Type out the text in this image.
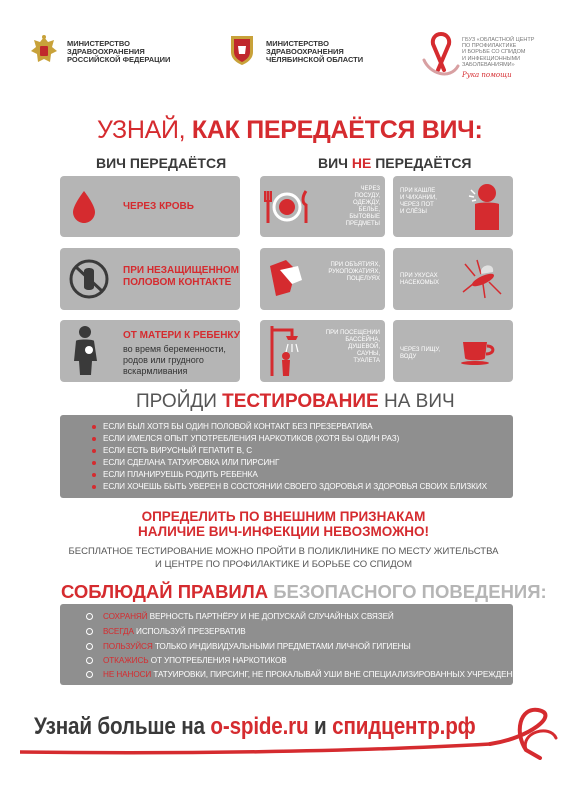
МИНИСТЕРСТВО
ЗДРАВООХРАНЕНИЯ
РОССИЙСКОЙ ФЕДЕРАЦИИ
МИНИСТЕРСТВО
ЗДРАВООХРАНЕНИЯ
ЧЕЛЯБИНСКОЙ ОБЛАСТИ
ГБУЗ «ОБЛАСТНОЙ ЦЕНТР
ПО ПРОФИЛАКТИКЕ
И БОРЬБЕ СО СПИДОМ
И ИНФЕКЦИОННЫМИ
ЗАБОЛЕВАНИЯМИ»
Рука помощи
УЗНАЙ, КАК ПЕРЕДАЁТСЯ ВИЧ:
ВИЧ ПЕРЕДАЁТСЯ	ВИЧ НЕ ПЕРЕДАЁТСЯ
ЧЕРЕЗ КРОВЬ
ПРИ НЕЗАЩИЩЕННОМ
ПОЛОВОМ КОНТАКТЕ
ОТ МАТЕРИ К РЕБЕНКУ
во время беременности,
родов или грудного
вскармливания
ЧЕРЕЗ
ПОСУДУ,
ОДЕЖДУ,
БЕЛЬЕ,
БЫТОВЫЕ ПРЕДМЕТЫ
ПРИ КАШЛЕ
И ЧИХАНИИ,
ЧЕРЕЗ ПОТ
И СЛЁЗЫ
ПРИ ОБЪЯТИЯХ,
РУКОПОЖАТИЯХ,
ПОЦЕЛУЯХ	ПРИ УКУСАХ
НАСЕКОМЫХ
ПРИ ПОСЕЩЕНИИ
БАССЕЙНА,
ДУШЕВОЙ,
САУНЫ,
ТУАЛЕТА
ЧЕРЕЗ ПИЩУ,
ВОДУ
ПРОЙДИ ТЕСТИРОВАНИЕ НА ВИЧ
ЕСЛИ БЫЛ ХОТЯ БЫ ОДИН ПОЛОВОЙ КОНТАКТ БЕЗ ПРЕЗЕРВАТИВА
ЕСЛИ ИМЕЛСЯ ОПЫТ УПОТРЕБЛЕНИЯ НАРКОТИКОВ (ХОТЯ БЫ ОДИН РАЗ)
ЕСЛИ ЕСТЬ ВИРУСНЫЙ ГЕПАТИТ В, С
ЕСЛИ СДЕЛАНА ТАТУИРОВКА ИЛИ ПИРСИНГ
ЕСЛИ ПЛАНИРУЕШЬ РОДИТЬ РЕБЕНКА
ЕСЛИ ХОЧЕШЬ БЫТЬ УВЕРЕН В СОСТОЯНИИ СВОЕГО ЗДОРОВЬЯ И ЗДОРОВЬЯ СВОИХ БЛИЗКИХ
ОПРЕДЕЛИТЬ ПО ВНЕШНИМ ПРИЗНАКАМ
НАЛИЧИЕ ВИЧ-ИНФЕКЦИИ НЕВОЗМОЖНО!
БЕСПЛАТНОЕ ТЕСТИРОВАНИЕ МОЖНО ПРОЙТИ В ПОЛИКЛИНИКЕ ПО МЕСТУ ЖИТЕЛЬСТВА
И ЦЕНТРЕ ПО ПРОФИЛАКТИКЕ И БОРЬБЕ СО СПИДОМ
СОБЛЮДАЙ ПРАВИЛА БЕЗОПАСНОГО ПОВЕДЕНИЯ:
СОХРАНЯЙ ВЕРНОСТЬ ПАРТНЁРУ И НЕ ДОПУСКАЙ СЛУЧАЙНЫХ СВЯЗЕЙ
ВСЕГДА ИСПОЛЬЗУЙ ПРЕЗЕРВАТИВ
ПОЛЬЗУЙСЯ ТОЛЬКО ИНДИВИДУАЛЬНЫМИ ПРЕДМЕТАМИ ЛИЧНОЙ ГИГИЕНЫ
ОТКАЖИСЬ ОТ УПОТРЕБЛЕНИЯ НАРКОТИКОВ
НЕ НАНОСИ ТАТУИРОВКИ, ПИРСИНГ, НЕ ПРОКАЛЫВАЙ УШИ ВНЕ СПЕЦИАЛИЗИРОВАННЫХ УЧРЕЖДЕНИЙ
Узнай больше на o-spide.ru и спидцентр.рф
